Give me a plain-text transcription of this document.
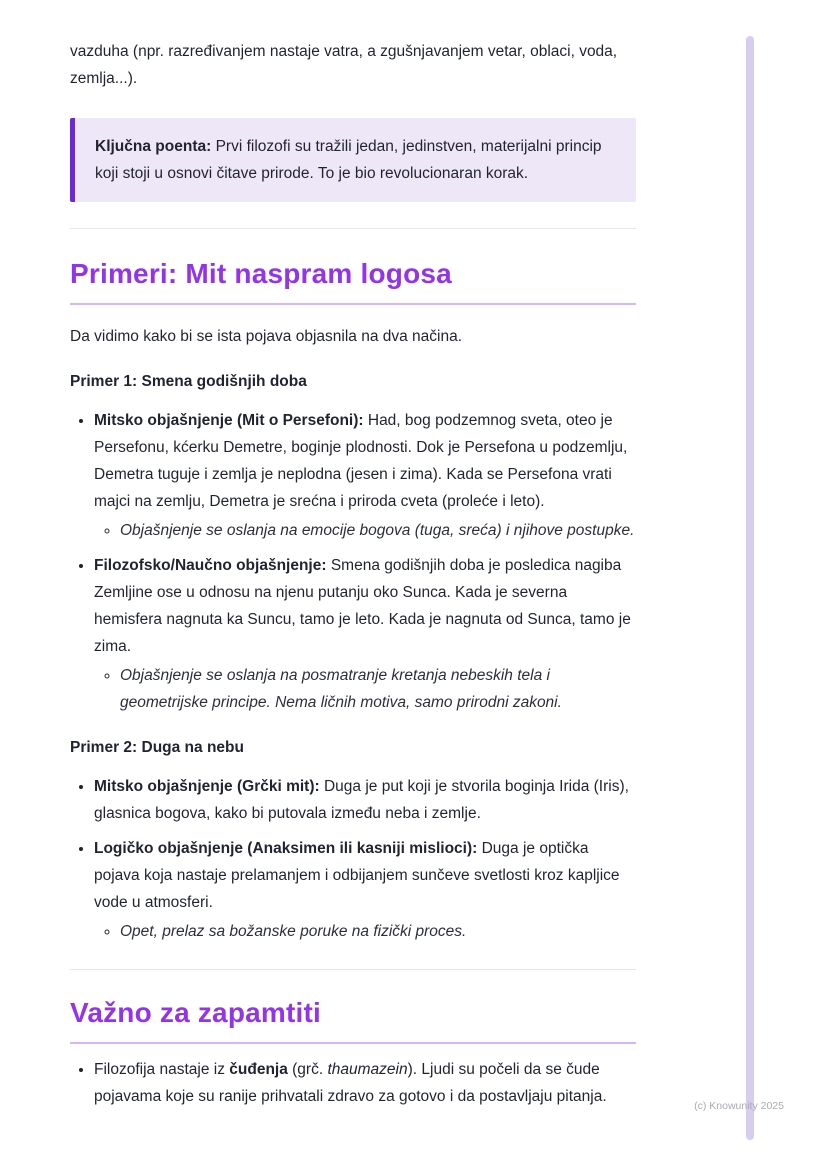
vazduha (npr. razređivanjem nastaje vatra, a zgušnjavanjem vetar, oblaci, voda, zemlja...).

Ključna poenta: Prvi filozofi su tražili jedan, jedinstven, materijalni princip koji stoji u osnovi čitave prirode. To je bio revolucionaran korak.

Primeri: Mit naspram logosa

Da vidimo kako bi se ista pojava objasnila na dva načina.

Primer 1: Smena godišnjih doba

• Mitsko objašnjenje (Mit o Persefoni): Had, bog podzemnog sveta, oteo je Persefonu, kćerku Demetre, boginje plodnosti. Dok je Persefona u podzemlju, Demetra tuguje i zemlja je neplodna (jesen i zima). Kada se Persefona vrati majci na zemlju, Demetra je srećna i priroda cveta (proleće i leto).
◦ Objašnjenje se oslanja na emocije bogova (tuga, sreća) i njihove postupke.
• Filozofsko/Naučno objašnjenje: Smena godišnjih doba je posledica nagiba Zemljine ose u odnosu na njenu putanju oko Sunca. Kada je severna hemisfera nagnuta ka Suncu, tamo je leto. Kada je nagnuta od Sunca, tamo je zima.
◦ Objašnjenje se oslanja na posmatranje kretanja nebeskih tela i geometrijske principe. Nema ličnih motiva, samo prirodni zakoni.

Primer 2: Duga na nebu

• Mitsko objašnjenje (Grčki mit): Duga je put koji je stvorila boginja Irida (Iris), glasnica bogova, kako bi putovala između neba i zemlje.
• Logičko objašnjenje (Anaksimen ili kasniji mislioci): Duga je optička pojava koja nastaje prelamanjem i odbijanjem sunčeve svetlosti kroz kapljice vode u atmosferi.
◦ Opet, prelaz sa božanske poruke na fizički proces.
Važno za zapamtiti
• Filozofija nastaje iz čuđenja (grč. thaumazein). Ljudi su počeli da se čude pojavama koje su ranije prihvatali zdravo za gotovo i da postavljaju pitanja.
(c) Knowunity 2025
